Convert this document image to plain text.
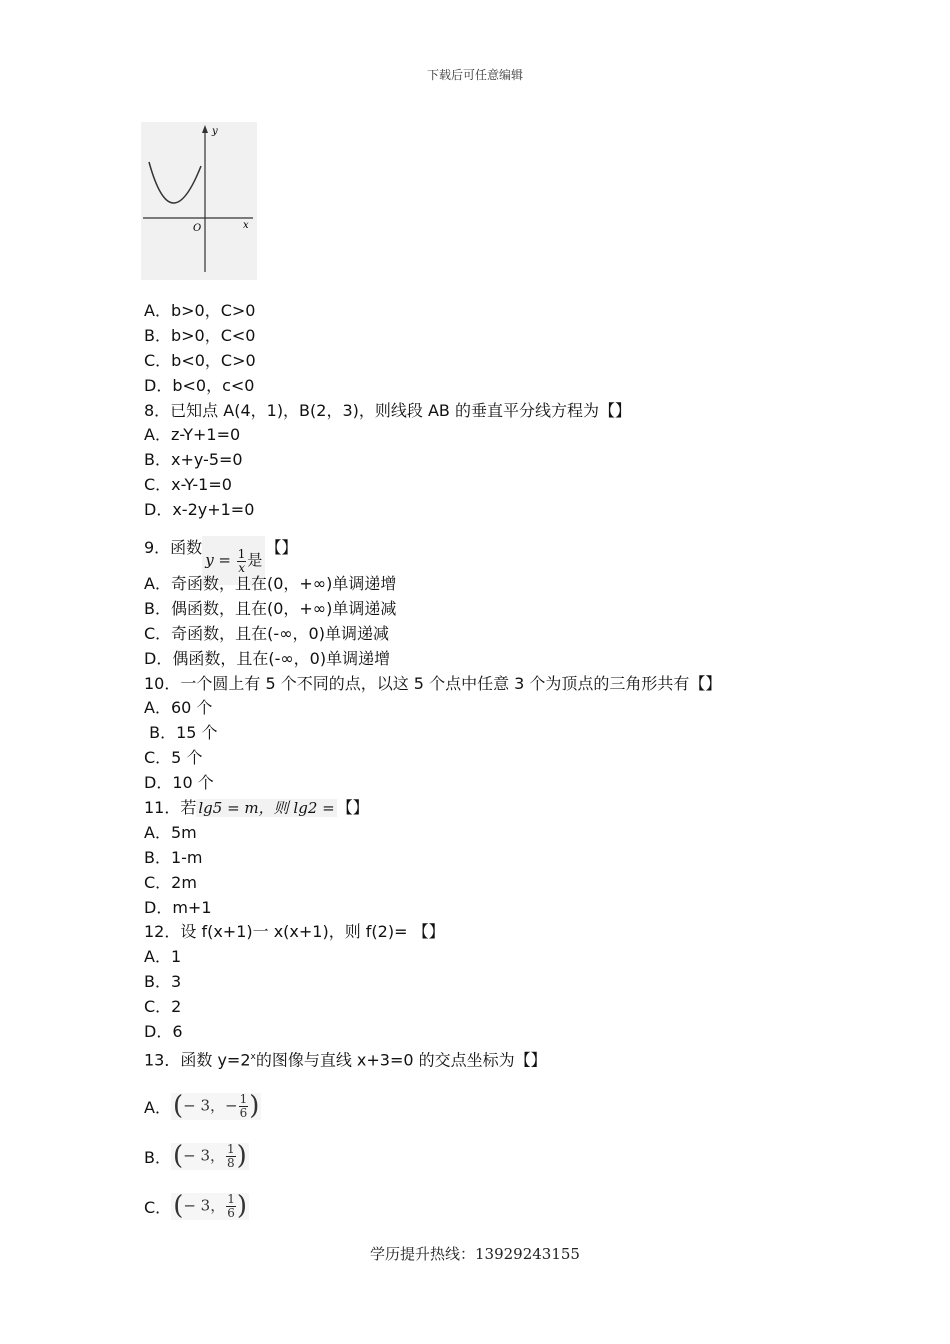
下载后可任意编辑
y
x
O
A．b>0，C>0
B．b>0，C<0
C．b<0，C>0
D．b<0，c<0
8．已知点 A(4，1)，B(2，3)，则线段 AB 的垂直平分线方程为【】
A．z-Y+1=0
B．x+y-5=0
C．x-Y-1=0
D．x-2y+1=0
9．函数$y = \frac{1}{x}$ 是【】
A．奇函数，且在(0，+∞)单调递增
B．偶函数，且在(0，+∞)单调递减
C．奇函数，且在(-∞，0)单调递减
D．偶函数，且在(-∞，0)单调递增
10．一个圆上有 5 个不同的点，以这 5 个点中任意 3 个为顶点的三角形共有【】
A．60 个
B．15 个
C．5 个
D．10 个
11．若 lg5 = m，则 lg2 = 【】
A．5m
B．1-m
C．2m
D．m+1
12．设 f(x+1)一 x(x+1)，则 f(2)= 【】
A．1
B．3
C．2
D．6
13．函数 $y=2^x$的图像与直线 x+3=0 的交点坐标为【】
A． (− 3，− $\frac{1}{6}$ )
B． (− 3， $\frac{1}{8}$ )
C． (− 3， $\frac{1}{6}$ )
学历提升热线：13929243155
